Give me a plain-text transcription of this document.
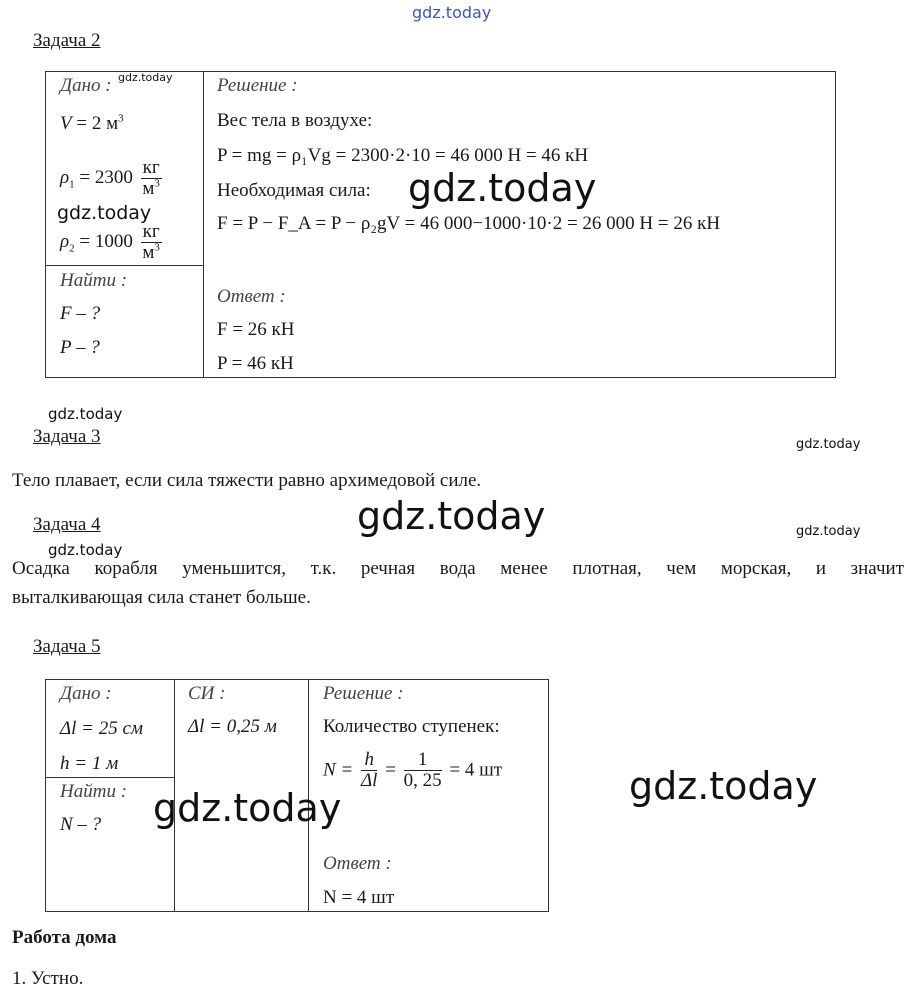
gdz.today
Задача 2
Дано : gdz.today
V = 2 $м^3$
$\rho_1 = 2300 \frac{кг}{м^3}$
$\rho_2 = 1000 \frac{кг}{м^3}$
gdz.today
Найти :
F – ?
P – ?
Решение :
Вес тела в воздухе:
P = mg = ρ₁Vg = 2300·2·10 = 46 000 Н = 46 кН
Необходимая сила:
F = P − F_A = P − ρ₂gV = 46 000−1000·10·2 = 26 000 Н = 26 кН
Ответ :
F = 26 кН
P = 46 кН
gdz.today
gdz.today
Задача 3	gdz.today
Тело плавает, если сила тяжести равно архимедовой силе.
Задача 4	gdz.today	gdz.today
gdz.today
Осадка корабля уменьшится, т.к. речная вода менее плотная, чем морская, и значит
выталкивающая сила станет больше.
Задача 5
Дано :
Δl = 25 см
h = 1 м
Найти :
N – ?
СИ :
Δl = 0,25 м
Решение :
Количество ступенек:
$N = \frac{h}{\Delta l} = \frac{1}{0, 25} = 4$ шт
Ответ :
N = 4 шт
gdz.today	gdz.today
Работа дома
1. Устно.
